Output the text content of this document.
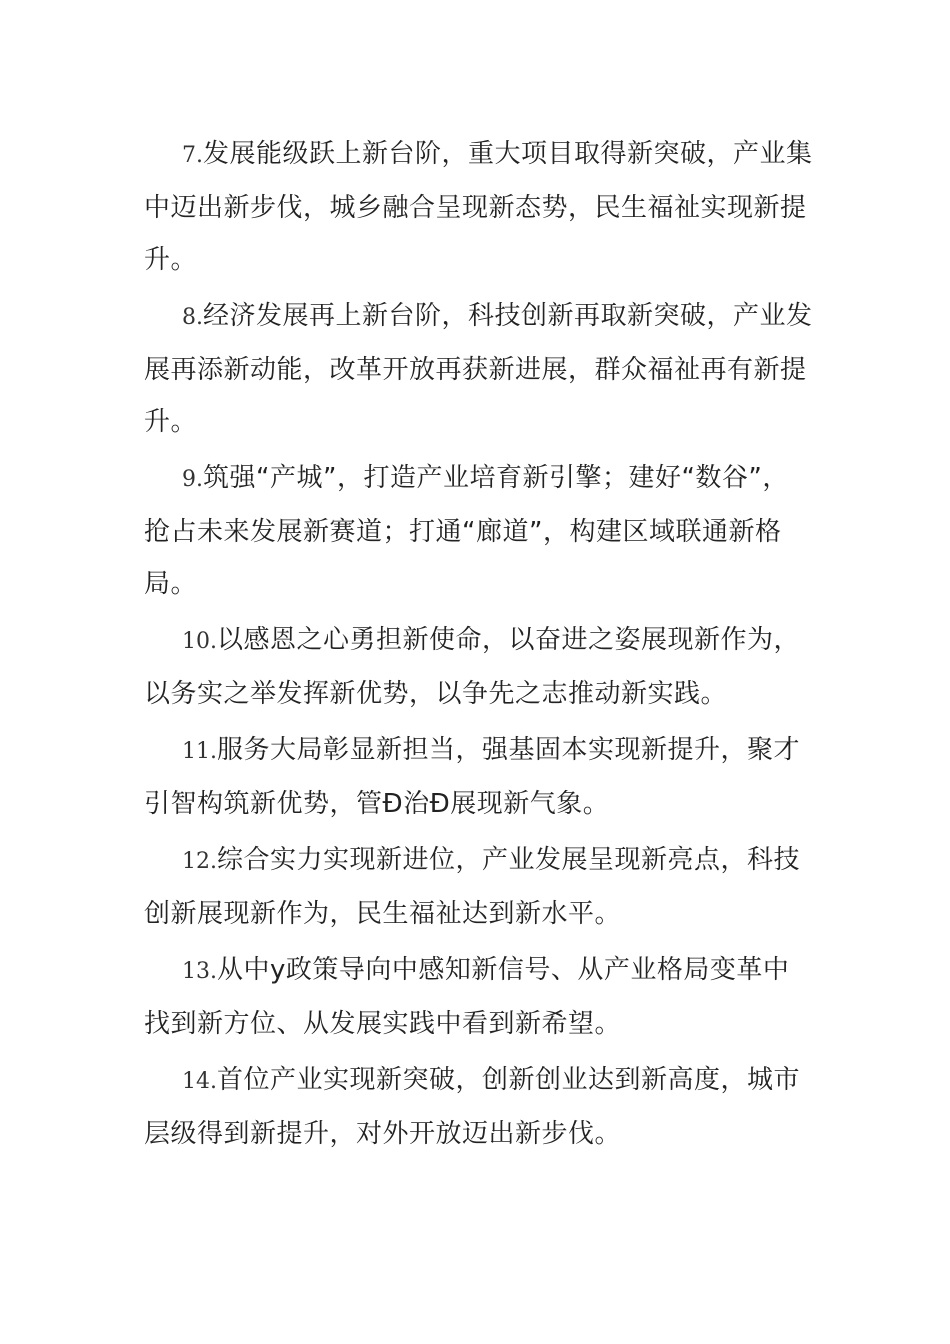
7.发展能级跃上新台阶，重大项目取得新突破，产业集中迈出新步伐，城乡融合呈现新态势，民生福祉实现新提升。

8.经济发展再上新台阶，科技创新再取新突破，产业发展再添新动能，改革开放再获新进展，群众福祉再有新提升。

9.筑强“产城”，打造产业培育新引擎；建好“数谷”，抢占未来发展新赛道；打通“廊道”，构建区域联通新格局。

10.以感恩之心勇担新使命，以奋进之姿展现新作为，以务实之举发挥新优势，以争先之志推动新实践。

11.服务大局彰显新担当，强基固本实现新提升，聚才引智构筑新优势，管Đ治Đ展现新气象。

12.综合实力实现新进位，产业发展呈现新亮点，科技创新展现新作为，民生福祉达到新水平。

13.从中у政策导向中感知新信号、从产业格局变革中找到新方位、从发展实践中看到新希望。

14.首位产业实现新突破，创新创业达到新高度，城市层级得到新提升，对外开放迈出新步伐。
